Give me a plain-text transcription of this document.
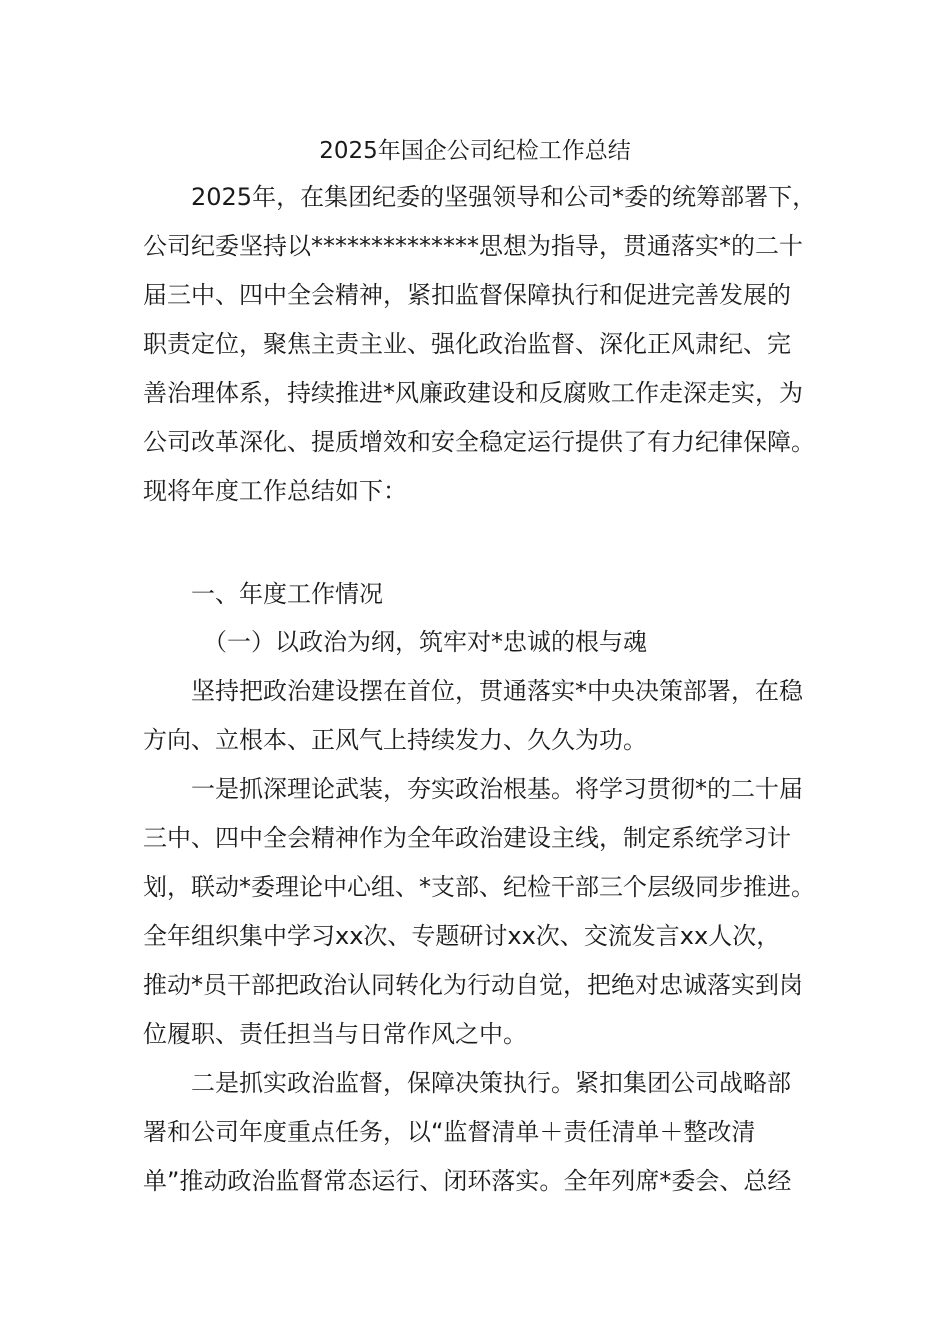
2025年国企公司纪检工作总结
2025年，在集团纪委的坚强领导和公司*委的统筹部署下，
公司纪委坚持以**************思想为指导，贯通落实*的二十
届三中、四中全会精神，紧扣监督保障执行和促进完善发展的
职责定位，聚焦主责主业、强化政治监督、深化正风肃纪、完
善治理体系，持续推进*风廉政建设和反腐败工作走深走实，为
公司改革深化、提质增效和安全稳定运行提供了有力纪律保障。
现将年度工作总结如下：
一、年度工作情况
（一）以政治为纲，筑牢对*忠诚的根与魂
坚持把政治建设摆在首位，贯通落实*中央决策部署，在稳
方向、立根本、正风气上持续发力、久久为功。
一是抓深理论武装，夯实政治根基。将学习贯彻*的二十届
三中、四中全会精神作为全年政治建设主线，制定系统学习计
划，联动*委理论中心组、*支部、纪检干部三个层级同步推进。
全年组织集中学习xx次、专题研讨xx次、交流发言xx人次，
推动*员干部把政治认同转化为行动自觉，把绝对忠诚落实到岗
位履职、责任担当与日常作风之中。
二是抓实政治监督，保障决策执行。紧扣集团公司战略部
署和公司年度重点任务，以“监督清单＋责任清单＋整改清
单”推动政治监督常态运行、闭环落实。全年列席*委会、总经
